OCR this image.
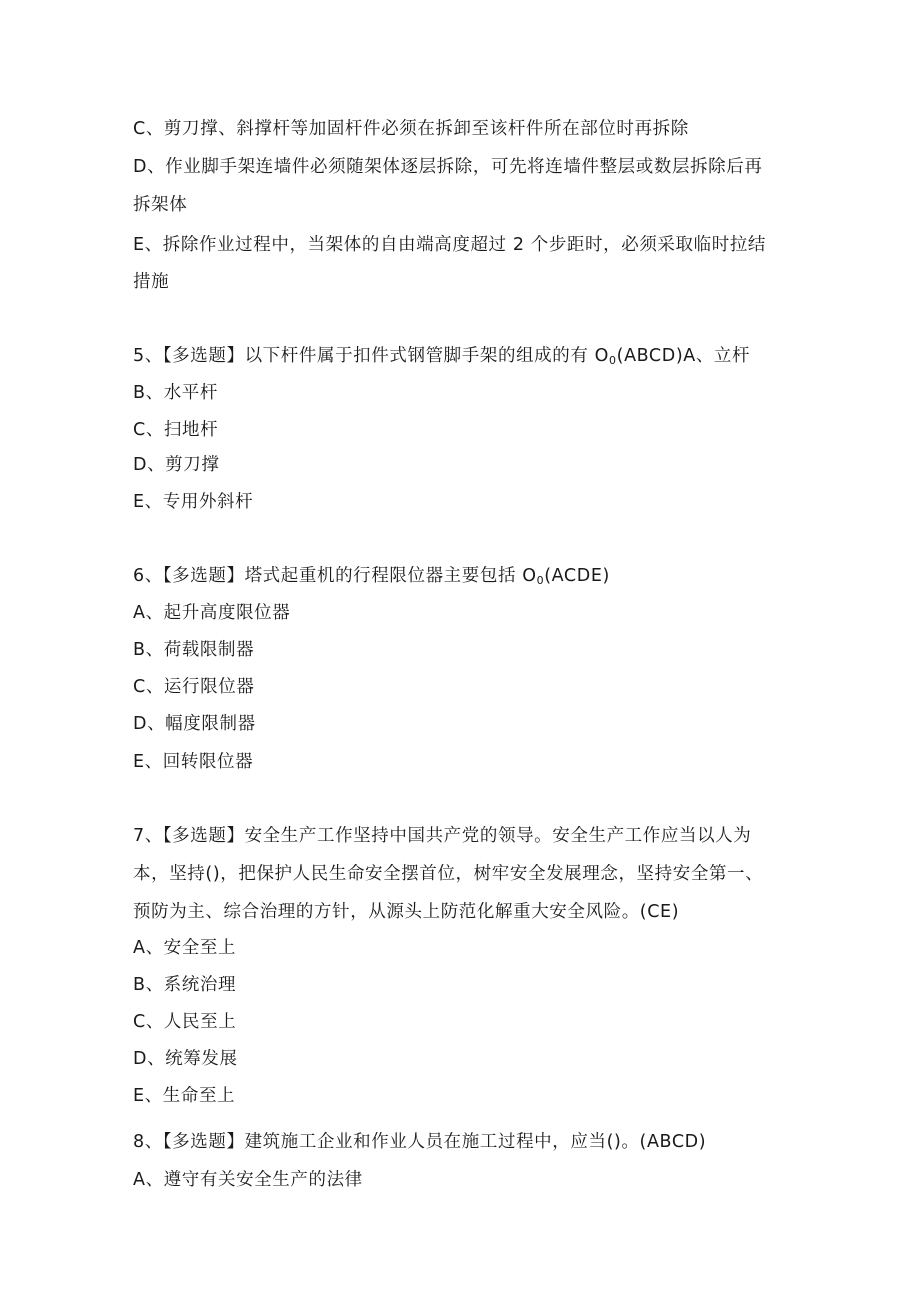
C、剪刀撑、斜撑杆等加固杆件必须在拆卸至该杆件所在部位时再拆除
D、作业脚手架连墙件必须随架体逐层拆除，可先将连墙件整层或数层拆除后再
拆架体
E、拆除作业过程中，当架体的自由端高度超过 2 个步距时，必须采取临时拉结
措施
5、【多选题】以下杆件属于扣件式钢管脚手架的组成的有 $O_0(ABCD)A$、立杆
B、水平杆
C、扫地杆
D、剪刀撑
E、专用外斜杆
6、【多选题】塔式起重机的行程限位器主要包括 $O_0(ACDE)$
A、起升高度限位器
B、荷载限制器
C、运行限位器
D、幅度限制器
E、回转限位器
7、【多选题】安全生产工作坚持中国共产党的领导。安全生产工作应当以人为
本，坚持()，把保护人民生命安全摆首位，树牢安全发展理念，坚持安全第一、
预防为主、综合治理的方针，从源头上防范化解重大安全风险。(CE)
A、安全至上
B、系统治理
C、人民至上
D、统筹发展
E、生命至上
8、【多选题】建筑施工企业和作业人员在施工过程中，应当()。(ABCD)
A、遵守有关安全生产的法律
